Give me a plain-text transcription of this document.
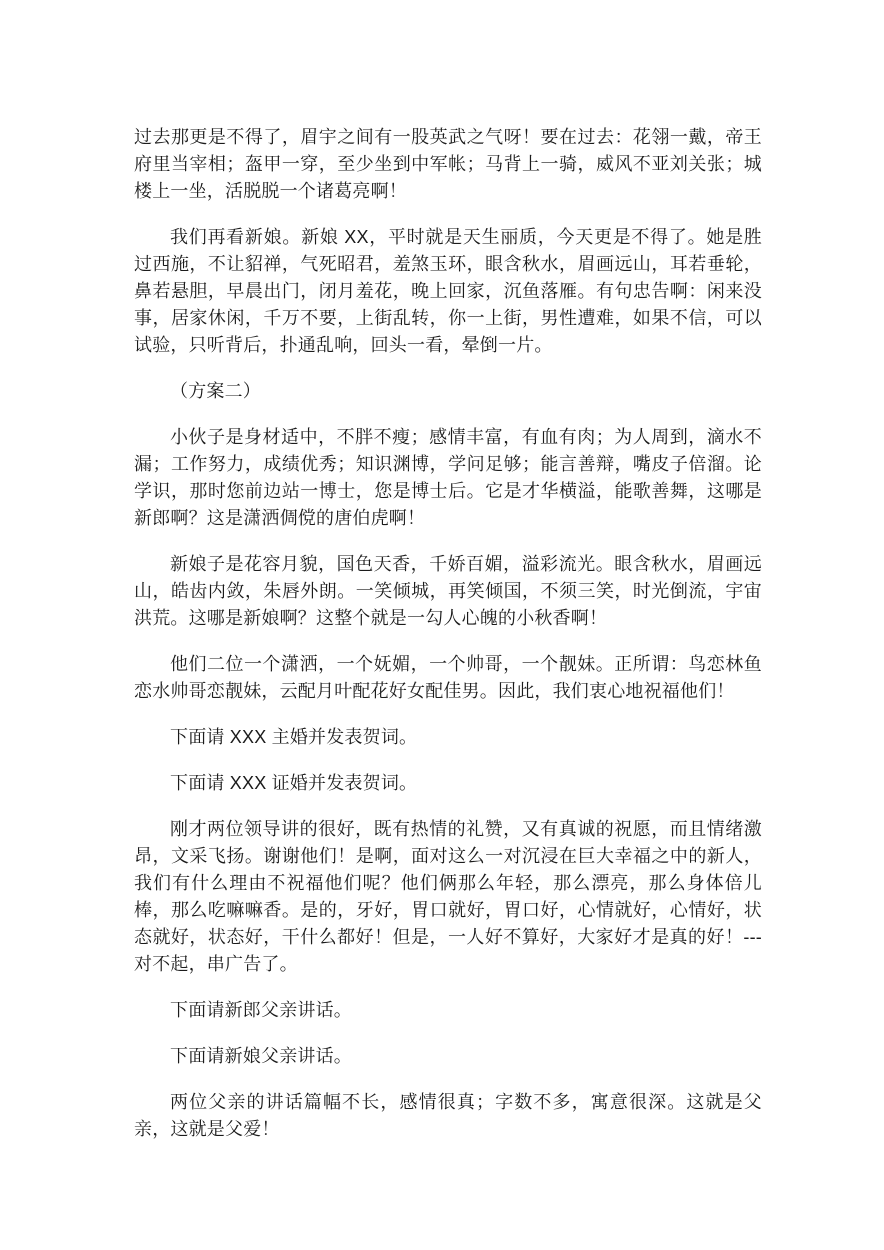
过去那更是不得了，眉宇之间有一股英武之气呀！要在过去：花翎一戴，帝王府里当宰相；盔甲一穿，至少坐到中军帐；马背上一骑，威风不亚刘关张；城楼上一坐，活脱脱一个诸葛亮啊！

我们再看新娘。新娘 XX，平时就是天生丽质，今天更是不得了。她是胜过西施，不让貂禅，气死昭君，羞煞玉环，眼含秋水，眉画远山，耳若垂轮，鼻若悬胆，早晨出门，闭月羞花，晚上回家，沉鱼落雁。有句忠告啊：闲来没事，居家休闲，千万不要，上街乱转，你一上街，男性遭难，如果不信，可以试验，只听背后，扑通乱响，回头一看，晕倒一片。

（方案二）

小伙子是身材适中，不胖不瘦；感情丰富，有血有肉；为人周到，滴水不漏；工作努力，成绩优秀；知识渊博，学问足够；能言善辩，嘴皮子倍溜。论学识，那时您前边站一博士，您是博士后。它是才华横溢，能歌善舞，这哪是新郎啊？这是潇洒倜傥的唐伯虎啊！

新娘子是花容月貌，国色天香，千娇百媚，溢彩流光。眼含秋水，眉画远山，皓齿内敛，朱唇外朗。一笑倾城，再笑倾国，不须三笑，时光倒流，宇宙洪荒。这哪是新娘啊？这整个就是一勾人心魄的小秋香啊！

他们二位一个潇洒，一个妩媚，一个帅哥，一个靓妹。正所谓：鸟恋林鱼恋水帅哥恋靓妹，云配月叶配花好女配佳男。因此，我们衷心地祝福他们！

下面请 XXX 主婚并发表贺词。

下面请 XXX 证婚并发表贺词。

刚才两位领导讲的很好，既有热情的礼赞，又有真诚的祝愿，而且情绪激昂，文采飞扬。谢谢他们！是啊，面对这么一对沉浸在巨大幸福之中的新人，我们有什么理由不祝福他们呢？他们俩那么年轻，那么漂亮，那么身体倍儿棒，那么吃嘛嘛香。是的，牙好，胃口就好，胃口好，心情就好，心情好，状态就好，状态好，干什么都好！但是，一人好不算好，大家好才是真的好！---对不起，串广告了。

下面请新郎父亲讲话。

下面请新娘父亲讲话。

两位父亲的讲话篇幅不长，感情很真；字数不多，寓意很深。这就是父亲，这就是父爱！
